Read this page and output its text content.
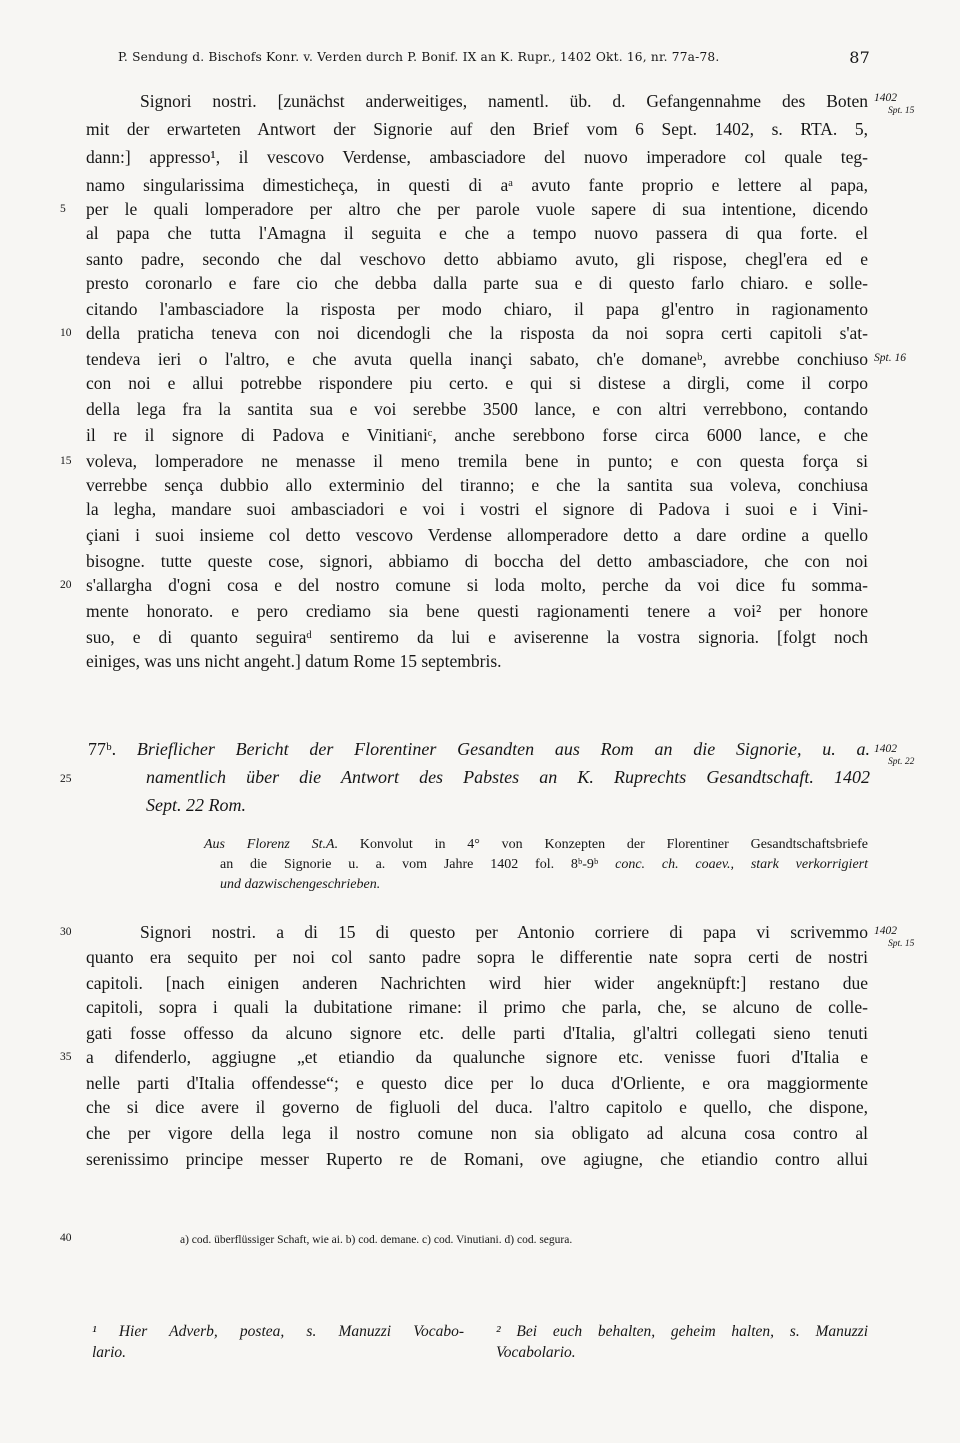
P. Sendung d. Bischofs Konr. v. Verden durch P. Bonif. IX an K. Rupr., 1402 Okt. 16, nr. 77a-78.	87
Signori nostri. [zunächst anderweitiges, namentl. üb. d. Gefangennahme des Boten
mit der erwarteten Antwort der Signorie auf den Brief vom 6 Sept. 1402, s. RTA. 5,
dann:] appresso¹, il vescovo Verdense, ambasciadore del nuovo imperadore col quale teg-
namo singularissima dimesticheça, in questi di aᵃ avuto fante proprio e lettere al papa,
per le quali lomperadore per altro che per parole vuole sapere di sua intentione, dicendo
al papa che tutta l'Amagna il seguita e che a tempo nuovo passera di qua forte. el
santo padre, secondo che dal veschovo detto abbiamo avuto, gli rispose, chegl'era ed e
presto coronarlo e fare cio che debba dalla parte sua e di questo farlo chiaro. e solle-
citando l'ambasciadore la risposta per modo chiaro, il papa gl'entro in ragionamento
della praticha teneva con noi dicendogli che la risposta da noi sopra certi capitoli s'at-
tendeva ieri o l'altro, e che avuta quella inançi sabato, ch'e domaneᵇ, avrebbe conchiuso
con noi e allui potrebbe rispondere piu certo. e qui si distese a dirgli, come il corpo
della lega fra la santita sua e voi serebbe 3500 lance, e con altri verrebbono, contando
il re il signore di Padova e Vinitianiᶜ, anche serebbono forse circa 6000 lance, e che
voleva, lomperadore ne menasse il meno tremila bene in punto; e con questa força si
verrebbe sença dubbio allo exterminio del tiranno; e che la santita sua voleva, conchiusa
la legha, mandare suoi ambasciadori e voi i vostri el signore di Padova i suoi e i Vini-
çiani i suoi insieme col detto vescovo Verdense allomperadore detto a dare ordine a quello
bisogne. tutte queste cose, signori, abbiamo di boccha del detto ambasciadore, che con noi
s'allargha d'ogni cosa e del nostro comune si loda molto, perche da voi dice fu somma-
mente honorato. e pero crediamo sia bene questi ragionamenti tenere a voi² per honore
suo, e di quanto seguiraᵈ sentiremo da lui e aviserenne la vostra signoria. [folgt noch
einiges, was uns nicht angeht.] datum Rome 15 septembris.
5
10
15
20
1402
Spt. 15
Spt. 16
77ᵇ. Brieflicher Bericht der Florentiner Gesandten aus Rom an die Signorie, u. a.
namentlich über die Antwort des Pabstes an K. Ruprechts Gesandtschaft. 1402
Sept. 22 Rom.
25
1402
Spt. 22
Aus Florenz St.A. Konvolut in 4° von Konzepten der Florentiner Gesandtschaftsbriefe
an die Signorie u. a. vom Jahre 1402 fol. 8ᵇ-9ᵇ conc. ch. coaev., stark verkorrigiert
und dazwischengeschrieben.
Signori nostri. a di 15 di questo per Antonio corriere di papa vi scrivemmo
quanto era sequito per noi col santo padre sopra le differentie nate sopra certi de nostri
capitoli. [nach einigen anderen Nachrichten wird hier wider angeknüpft:] restano due
capitoli, sopra i quali la dubitatione rimane: il primo che parla, che, se alcuno de colle-
gati fosse offesso da alcuno signore etc. delle parti d'Italia, gl'altri collegati sieno tenuti
a difenderlo, aggiugne „et etiandio da qualunche signore etc. venisse fuori d'Italia e
nelle parti d'Italia offendesse“; e questo dice per lo duca d'Orliente, e ora maggiormente
che si dice avere il governo de figluoli del duca. l'altro capitolo e quello, che dispone,
che per vigore della lega il nostro comune non sia obligato ad alcuna cosa contro al
serenissimo principe messer Ruperto re de Romani, ove agiugne, che etiandio contro allui
30
35
1402
Spt. 15
40	a) cod. überflüssiger Schaft, wie ai. b) cod. demane. c) cod. Vinutiani. d) cod. segura.
¹ Hier Adverb, postea, s. Manuzzi Vocabo-
lario.
² Bei euch behalten, geheim halten, s. Manuzzi
Vocabolario.
